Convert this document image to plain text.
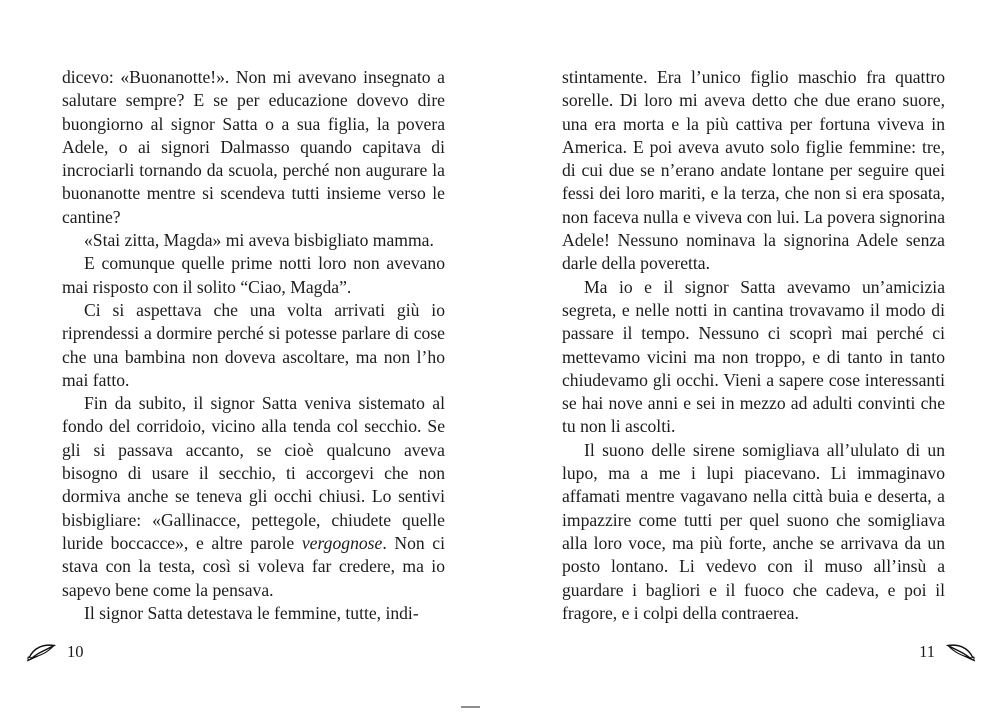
dicevo: «Buonanotte!». Non mi avevano insegnato a salutare sempre? E se per educazione dovevo dire buongiorno al signor Satta o a sua figlia, la povera Adele, o ai signori Dalmasso quando capitava di incrociarli tornando da scuola, perché non augurare la buonanotte mentre si scendeva tutti insieme verso le cantine?

«Stai zitta, Magda» mi aveva bisbigliato mamma.

E comunque quelle prime notti loro non avevano mai risposto con il solito “Ciao, Magda”.

Ci si aspettava che una volta arrivati giù io riprendessi a dormire perché si potesse parlare di cose che una bambina non doveva ascoltare, ma non l’ho mai fatto.

Fin da subito, il signor Satta veniva sistemato al fondo del corridoio, vicino alla tenda col secchio. Se gli si passava accanto, se cioè qualcuno aveva bisogno di usare il secchio, ti accorgevi che non dormiva anche se teneva gli occhi chiusi. Lo sentivi bisbigliare: «Gallinacce, pettegole, chiudete quelle luride boccacce», e altre parole vergognose. Non ci stava con la testa, così si voleva far credere, ma io sapevo bene come la pensava.

Il signor Satta detestava le femmine, tutte, indi-

stintamente. Era l’unico figlio maschio fra quattro sorelle. Di loro mi aveva detto che due erano suore, una era morta e la più cattiva per fortuna viveva in America. E poi aveva avuto solo figlie femmine: tre, di cui due se n’erano andate lontane per seguire quei fessi dei loro mariti, e la terza, che non si era sposata, non faceva nulla e viveva con lui. La povera signorina Adele! Nessuno nominava la signorina Adele senza darle della poveretta.

Ma io e il signor Satta avevamo un’amicizia segreta, e nelle notti in cantina trovavamo il modo di passare il tempo. Nessuno ci scoprì mai perché ci mettevamo vicini ma non troppo, e di tanto in tanto chiudevamo gli occhi. Vieni a sapere cose interessanti se hai nove anni e sei in mezzo ad adulti convinti che tu non li ascolti.

Il suono delle sirene somigliava all’ululato di un lupo, ma a me i lupi piacevano. Li immaginavo affamati mentre vagavano nella città buia e deserta, a impazzire come tutti per quel suono che somigliava alla loro voce, ma più forte, anche se arrivava da un posto lontano. Li vedevo con il muso all’insù a guardare i bagliori e il fuoco che cadeva, e poi il fragore, e i colpi della contraerea.

10	11
